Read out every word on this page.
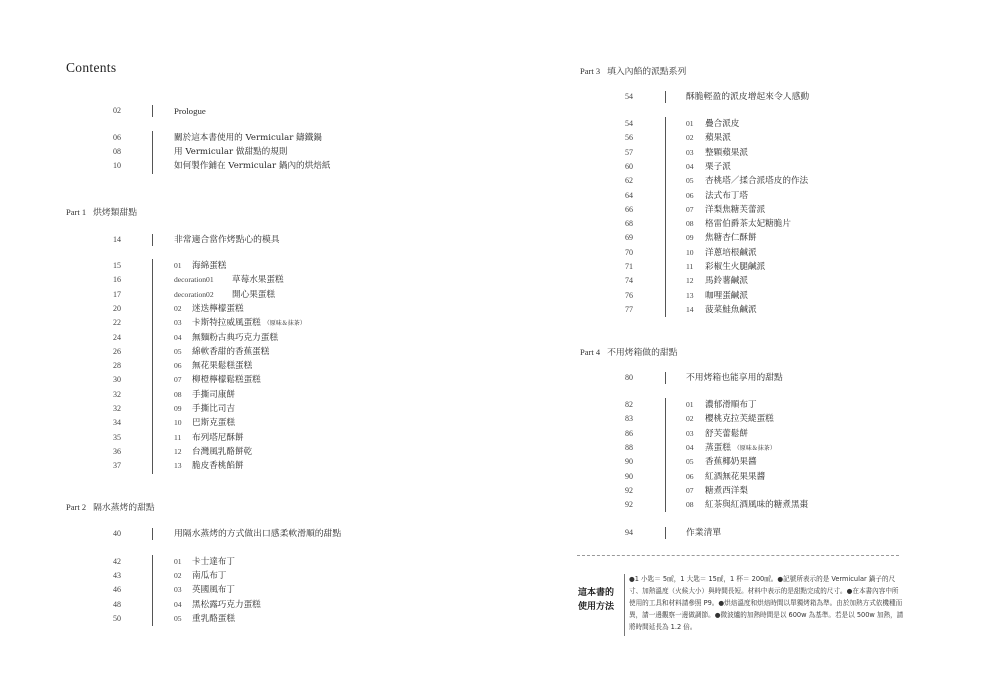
Contents
02	Prologue
06	關於這本書使用的 Vermicular 鑄鐵鍋
08	用 Vermicular 做甜點的規則
10	如何製作鋪在 Vermicular 鍋內的烘焙紙
Part 1 烘烤類甜點
14	非常適合當作烤點心的模具
15	01 海綿蛋糕
16	decoration01 草莓水果蛋糕
17	decoration02 開心果蛋糕
20	02 迷迭檸檬蛋糕
22	03 卡斯特拉威風蛋糕 （原味＆抹茶）
24	04 無麵粉古典巧克力蛋糕
26	05 綿軟香甜的香蕉蛋糕
28	06 無花果鬆糕蛋糕
30	07 柳橙檸檬鬆糕蛋糕
32	08 手撕司康餅
32	09 手撕比司吉
34	10 巴斯克蛋糕
35	11 布列塔尼酥餅
36	12 台灣風乳酪餅乾
37	13 脆皮香桃餡餅
Part 2 隔水蒸烤的甜點
40	用隔水蒸烤的方式做出口感柔軟滑順的甜點
42	01 卡士達布丁
43	02 南瓜布丁
46	03 英國風布丁
48	04 黑松露巧克力蛋糕
50	05 重乳酪蛋糕
Part 3 填入內餡的派點系列
54	酥脆輕盈的派皮增起來令人感動
54	01 疊合派皮
56	02 蘋果派
57	03 整顆蘋果派
60	04 栗子派
62	05 杏桃塔／揉合派塔皮的作法
64	06 法式布丁塔
66	07 洋梨焦糖芙蕾派
68	08 格雷伯爵茶太妃糖脆片
69	09 焦糖杏仁酥餅
70	10 洋蔥培根鹹派
71	11 彩椒生火腿鹹派
74	12 馬鈴薯鹹派
76	13 咖哩蛋鹹派
77	14 菠菜鮭魚鹹派
Part 4 不用烤箱做的甜點
80	不用烤箱也能享用的甜點
82	01 濃郁滑順布丁
83	02 櫻桃克拉芙緹蛋糕
86	03 舒芙蕾鬆餅
88	04 蒸蛋糕 （原味＆抹茶）
90	05 香蕉椰奶果醬
90	06 紅酒無花果果醬
92	07 糖煮西洋梨
92	08 紅茶與紅酒風味的糖煮黑棗
94	作業清單
這本書的
使用方法
●1 小匙＝ 5㎖，1 大匙＝ 15㎖，1 杯＝ 200㎖。●記號所表示的是 Vermicular 鍋子的尺寸、加熱溫度（火候大小）與時間長短。材料中表示的是甜點完成的尺寸。●在本書內容中所使用的工具和材料請參照 P9。●烘焙溫度和烘焙時間以單獨烤箱為準。由於加熱方式依機種而異，請一邊觀察一邊做調節。●微波爐的加熱時間是以 600w 為基準。若是以 500w 加熱，請將時間延長為 1.2 倍。
